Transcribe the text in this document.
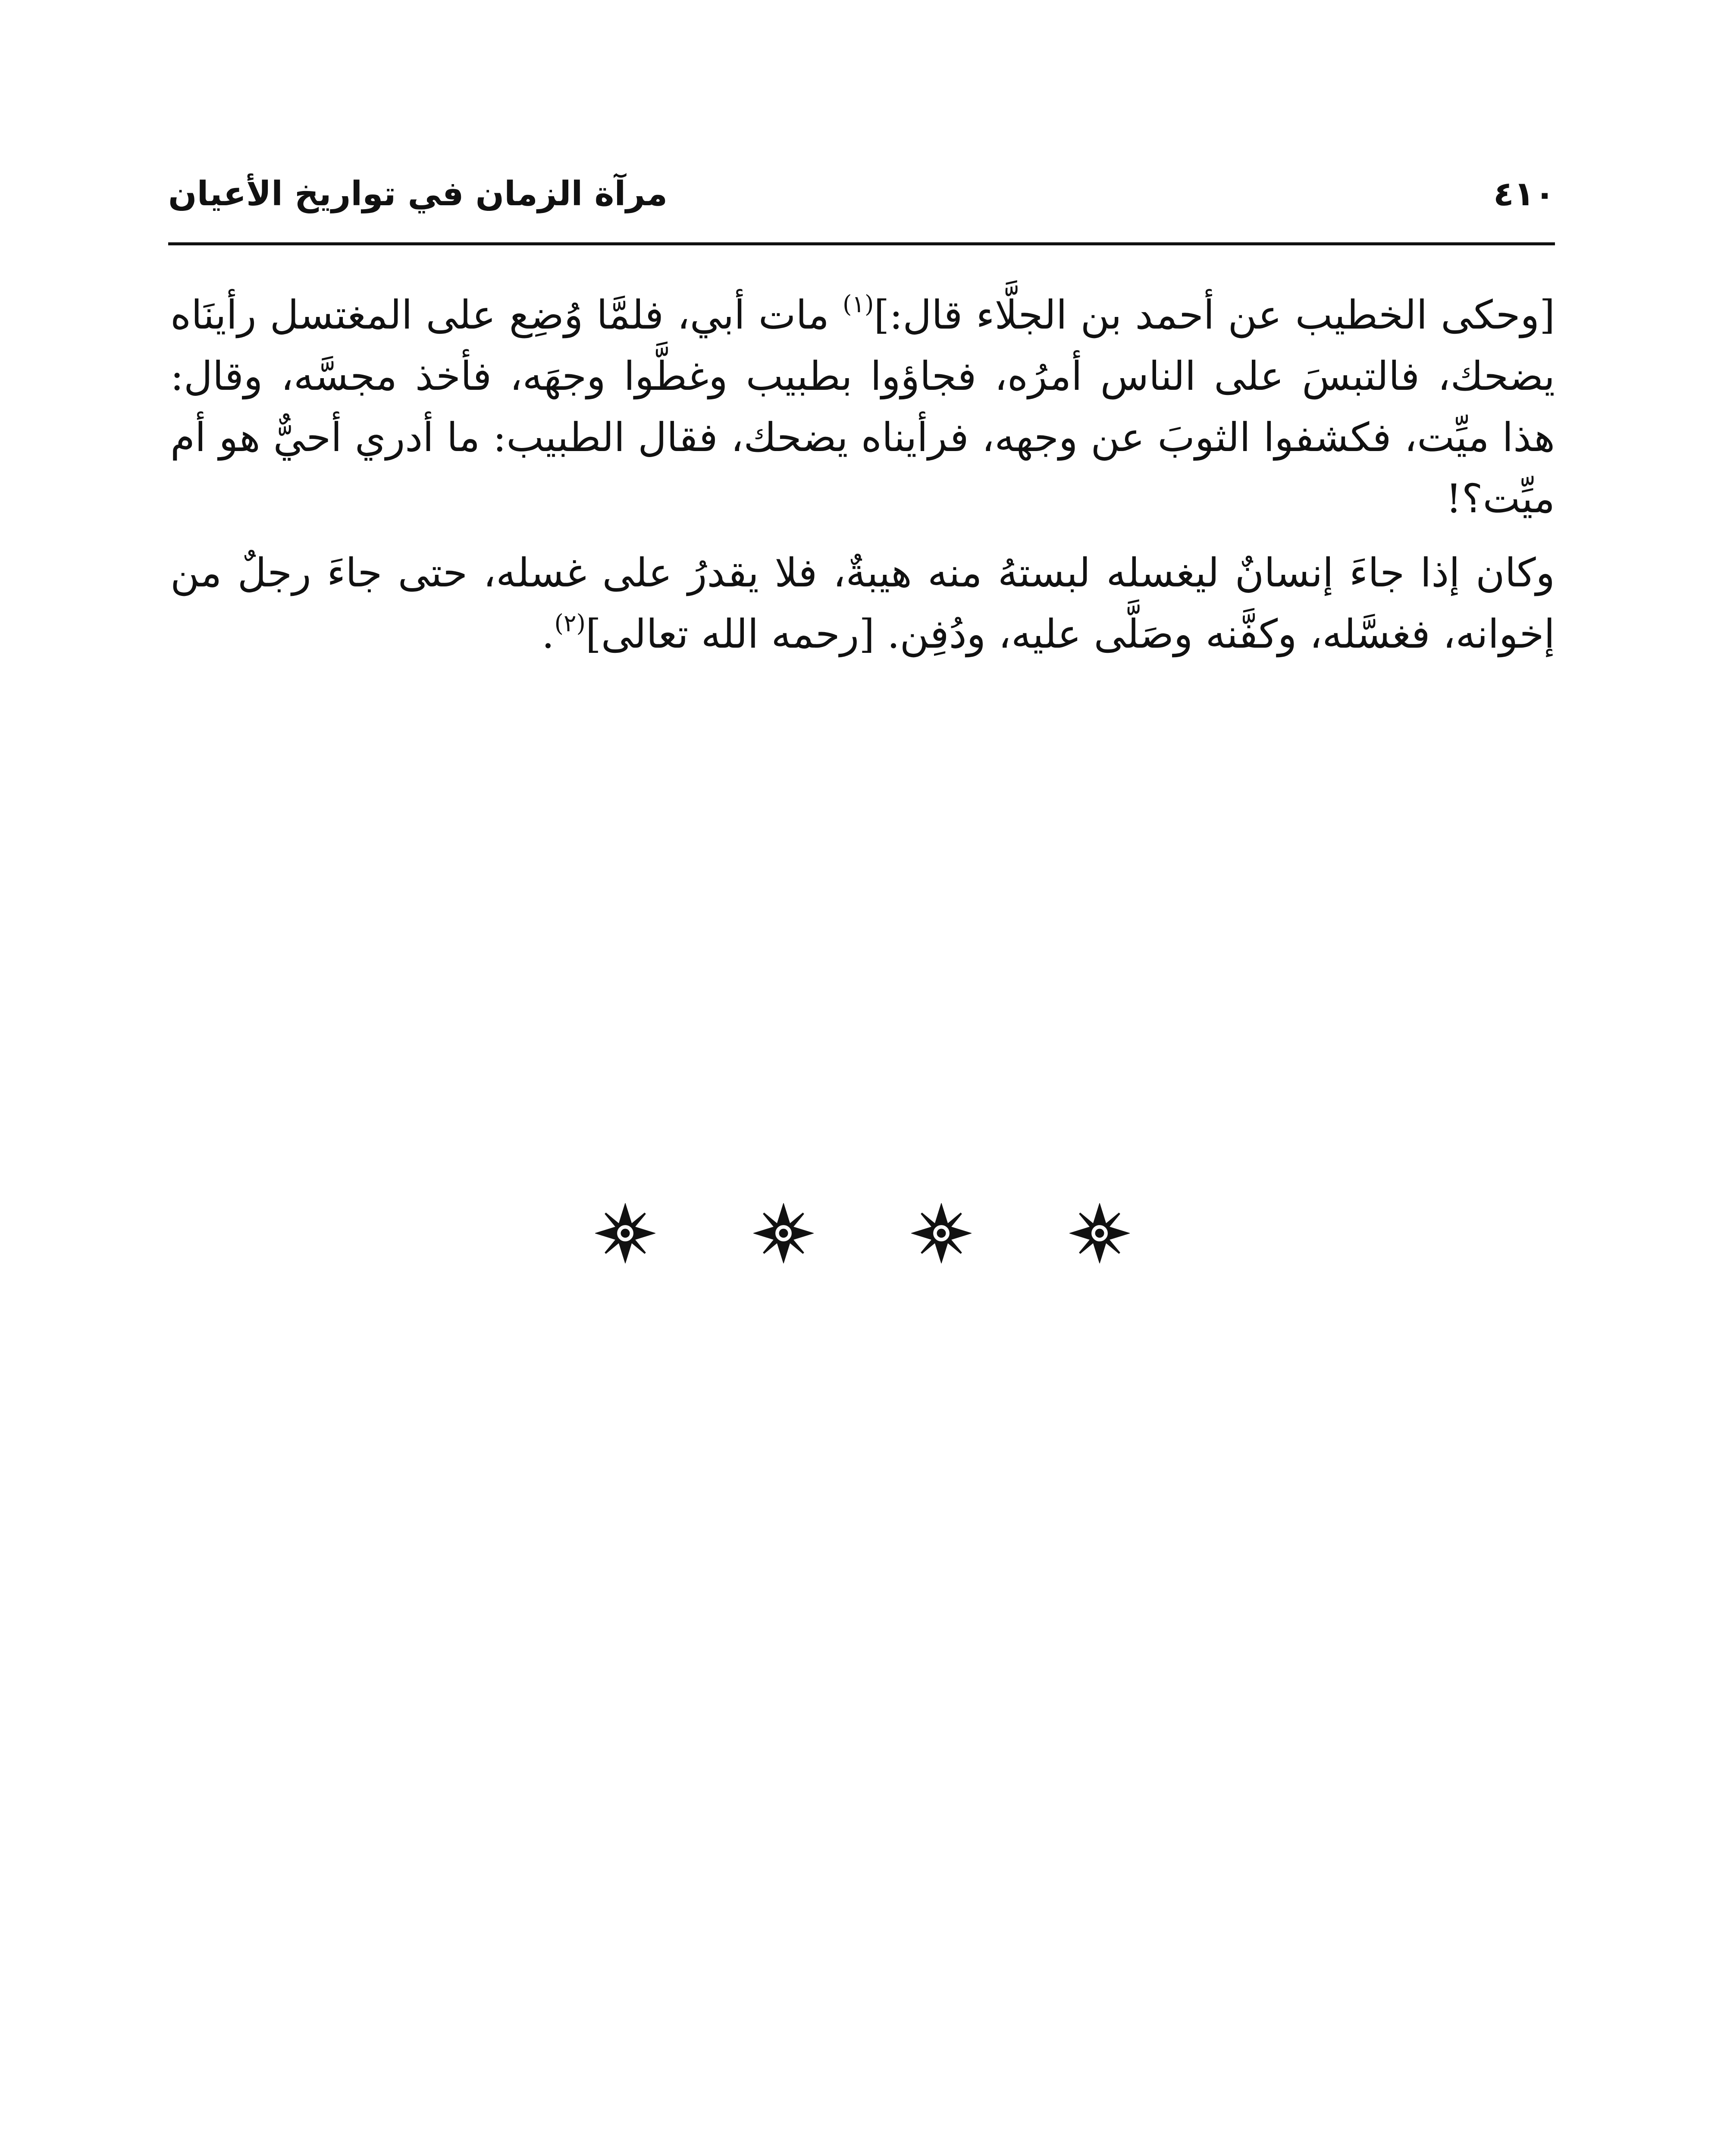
٤١٠
مرآة الزمان في تواريخ الأعيان

[وحكى الخطيب عن أحمد بن الجلَّاء قال:]$^{(١)}$ مات أبي، فلمَّا وُضِع على المغتسل رأينَاه يضحك، فالتبسَ على الناس أمرُه، فجاؤوا بطبيب وغطَّوا وجهَه، فأخذ مجسَّه، وقال: هذا ميِّت، فكشفوا الثوبَ عن وجهه، فرأيناه يضحك، فقال الطبيب: ما أدري أحيٌّ هو أم ميِّت؟!

وكان إذا جاءَ إنسانٌ ليغسله لبستهُ منه هيبةٌ، فلا يقدرُ على غسله، حتى جاءَ رجلٌ من إخوانه، فغسَّله، وكفَّنه وصَلَّى عليه، ودُفِن. [رحمه الله تعالى]$^{(٢)}$.
